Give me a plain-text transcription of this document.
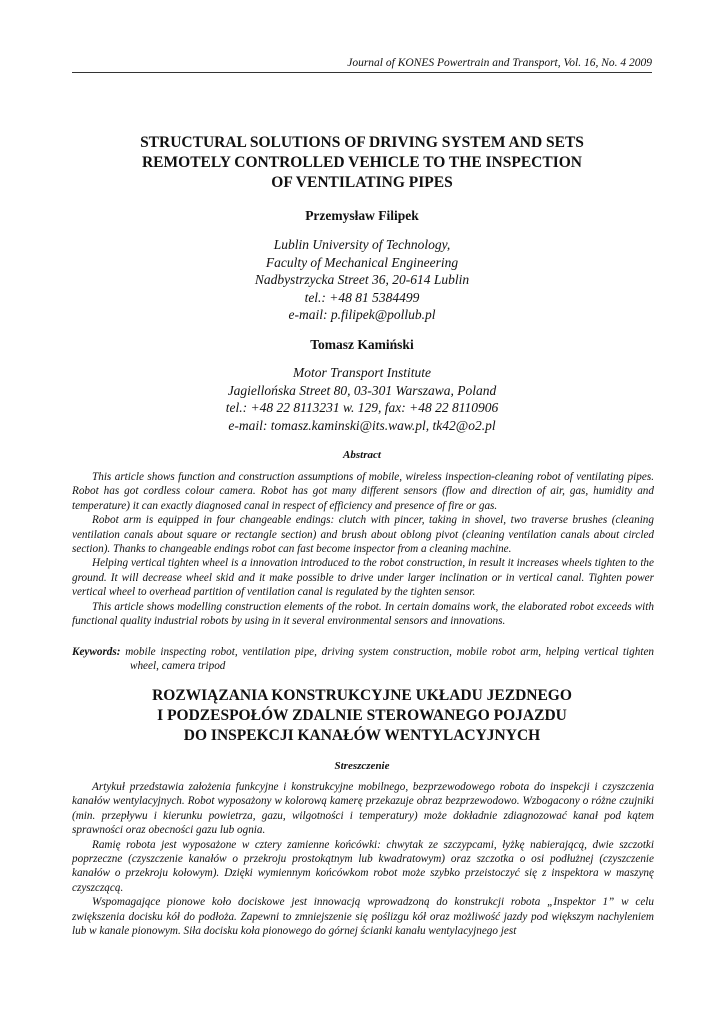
Journal of KONES Powertrain and Transport, Vol. 16, No. 4 2009
STRUCTURAL SOLUTIONS OF DRIVING SYSTEM AND SETS
REMOTELY CONTROLLED VEHICLE TO THE INSPECTION
OF VENTILATING PIPES
Przemysław Filipek
Lublin University of Technology,
Faculty of Mechanical Engineering
Nadbystrzycka Street 36, 20-614 Lublin
tel.: +48 81 5384499
e-mail: p.filipek@pollub.pl
Tomasz Kamiński
Motor Transport Institute
Jagiellońska Street 80, 03-301 Warszawa, Poland
tel.: +48 22 8113231 w. 129, fax: +48 22 8110906
e-mail: tomasz.kaminski@its.waw.pl, tk42@o2.pl
Abstract

This article shows function and construction assumptions of mobile, wireless inspection-cleaning robot of ventilating pipes. Robot has got cordless colour camera. Robot has got many different sensors (flow and direction of air, gas, humidity and temperature) it can exactly diagnosed canal in respect of efficiency and presence of fire or gas.

Robot arm is equipped in four changeable endings: clutch with pincer, taking in shovel, two traverse brushes (cleaning ventilation canals about square or rectangle section) and brush about oblong pivot (cleaning ventilation canals about circled section). Thanks to changeable endings robot can fast become inspector from a cleaning machine.

Helping vertical tighten wheel is a innovation introduced to the robot construction, in result it increases wheels tighten to the ground. It will decrease wheel skid and it make possible to drive under larger inclination or in vertical canal. Tighten power vertical wheel to overhead partition of ventilation canal is regulated by the tighten sensor.

This article shows modelling construction elements of the robot. In certain domains work, the elaborated robot exceeds with functional quality industrial robots by using in it several environmental sensors and innovations.

Keywords: mobile inspecting robot, ventilation pipe, driving system construction, mobile robot arm, helping vertical tighten wheel, camera tripod
ROZWIĄZANIA KONSTRUKCYJNE UKŁADU JEZDNEGO
I PODZESPOŁÓW ZDALNIE STEROWANEGO POJAZDU
DO INSPEKCJI KANAŁÓW WENTYLACYJNYCH
Streszczenie

Artykuł przedstawia założenia funkcyjne i konstrukcyjne mobilnego, bezprzewodowego robota do inspekcji i czyszczenia kanałów wentylacyjnych. Robot wyposażony w kolorową kamerę przekazuje obraz bezprzewodowo. Wzbogacony o różne czujniki (min. przepływu i kierunku powietrza, gazu, wilgotności i temperatury) może dokładnie zdiagnozować kanał pod kątem sprawności oraz obecności gazu lub ognia.

Ramię robota jest wyposażone w cztery zamienne końcówki: chwytak ze szczypcami, łyżkę nabierającą, dwie szczotki poprzeczne (czyszczenie kanałów o przekroju prostokątnym lub kwadratowym) oraz szczotka o osi podłużnej (czyszczenie kanałów o przekroju kołowym). Dzięki wymiennym końcówkom robot może szybko przeistoczyć się z inspektora w maszynę czyszczącą.

Wspomagające pionowe koło dociskowe jest innowacją wprowadzoną do konstrukcji robota „Inspektor 1” w celu zwiększenia docisku kół do podłoża. Zapewni to zmniejszenie się poślizgu kół oraz możliwość jazdy pod większym nachyleniem lub w kanale pionowym. Siła docisku koła pionowego do górnej ścianki kanału wentylacyjnego jest
